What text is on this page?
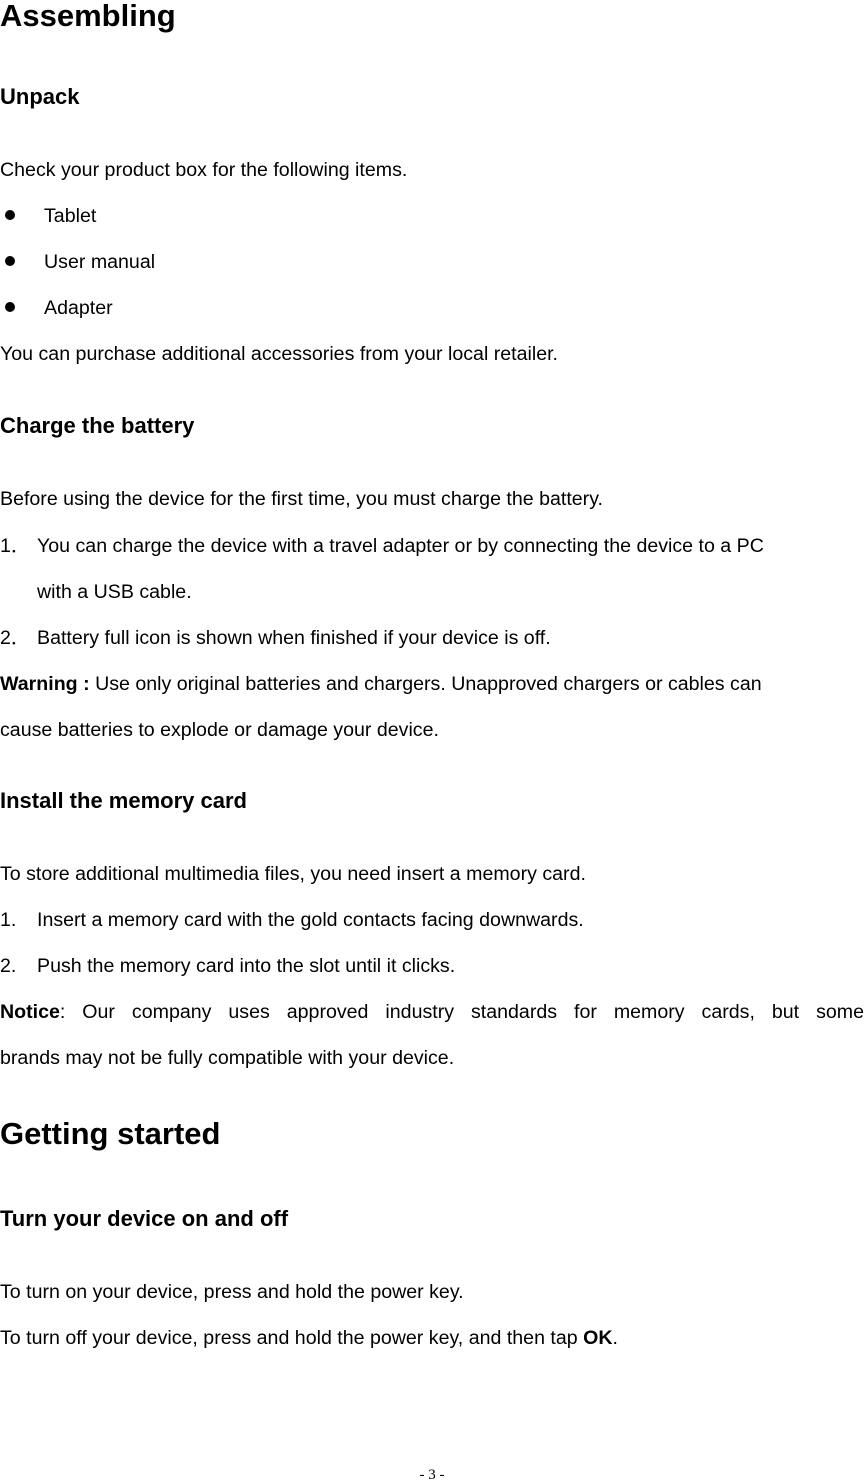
Assembling
Unpack

Check your product box for the following items.

Tablet

User manual

Adapter

You can purchase additional accessories from your local retailer.

Charge the battery

Before using the device for the first time, you must charge the battery.

1． You can charge the device with a travel adapter or by connecting the device to a PC

with a USB cable.

2． Battery full icon is shown when finished if your device is off.

Warning : Use only original batteries and chargers. Unapproved chargers or cables can

cause batteries to explode or damage your device.

Install the memory card

To store additional multimedia files, you need insert a memory card.

1. Insert a memory card with the gold contacts facing downwards.

2. Push the memory card into the slot until it clicks.

Notice: Our company uses approved industry standards for memory cards, but some

brands may not be fully compatible with your device.

Getting started
Turn your device on and off

To turn on your device, press and hold the power key.

To turn off your device, press and hold the power key, and then tap OK.

- 3 -
